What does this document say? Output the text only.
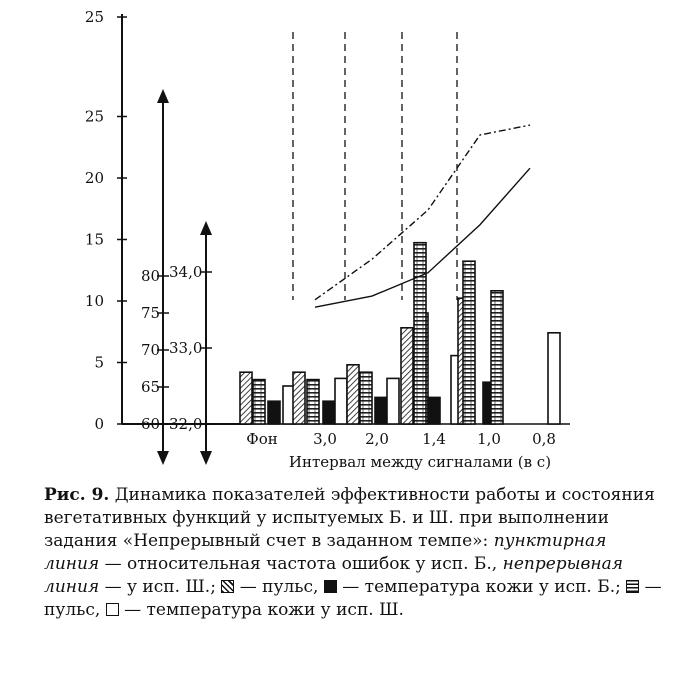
0
5
10
15
20
25
25
60
65
70
75
80
32,0
33,0
34,0
Фон 3,0 2,0 1,4 1,0 0,8
Интервал между сигналами (в с)
Рис. 9. Динамика показателей эффективности работы и состояния вегетативных функций у испытуемых Б. и Ш. при выполнении задания «Непрерывный счет в заданном темпе»: пунктирная линия — относительная частота ошибок у исп. Б., непрерывная линия — у исп. Ш.;  — пульс,  — температура кожи у исп. Б.;  — пульс,  — температура кожи у исп. Ш.
